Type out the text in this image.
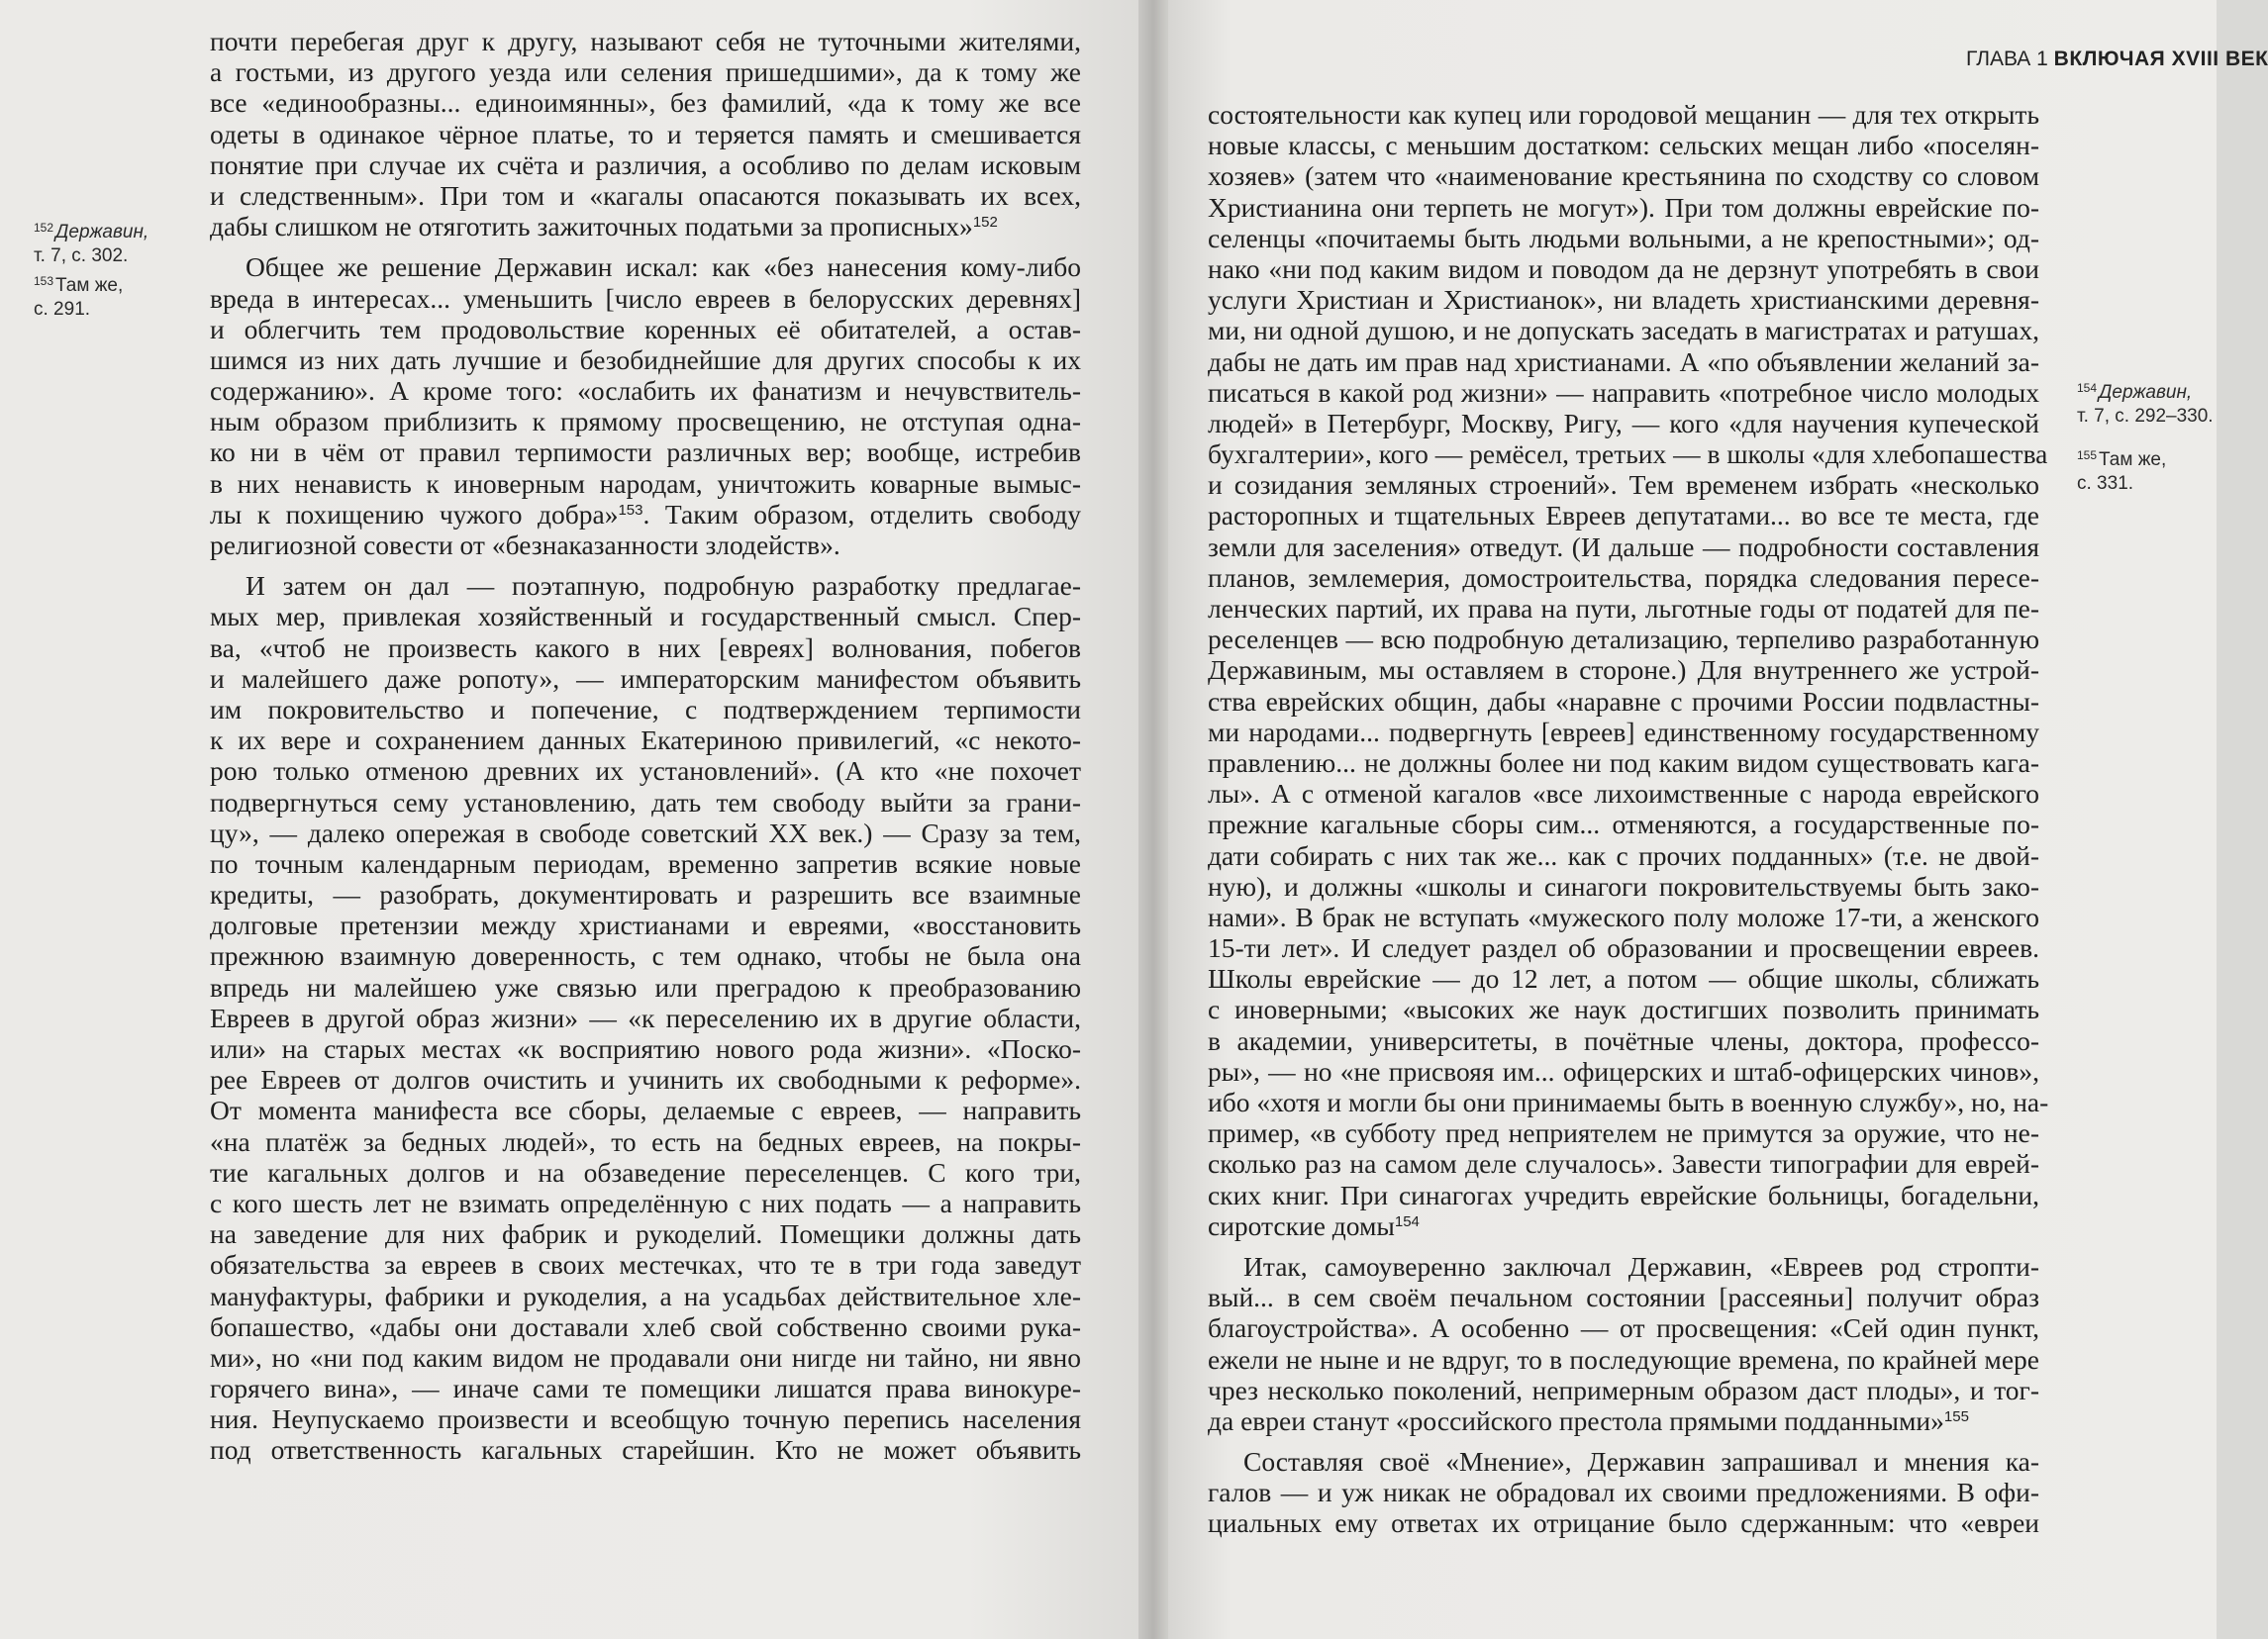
$^{152}$ Державин,
т. 7, с. 302.
$^{153}$ Там же,
с. 291.
почти перебегая друг к другу, называют себя не туточными жителями,
а гостьми, из другого уезда или селения пришедшими», да к тому же
все «единообразны... единоимянны», без фамилий, «да к тому же все
одеты в одинакое чёрное платье, то и теряется память и смешивается
понятие при случае их счёта и различия, а особливо по делам исковым
и следственным». При том и «кагалы опасаются показывать их всех,
дабы слишком не отяготить зажиточных податьми за прописных»$^{152}$
Общее же решение Державин искал: как «без нанесения кому-либо
вреда в интересах... уменьшить [число евреев в белорусских деревнях]
и облегчить тем продовольствие коренных её обитателей, а остав-
шимся из них дать лучшие и безобиднейшие для других способы к их
содержанию». А кроме того: «ослабить их фанатизм и нечувствитель-
ным образом приблизить к прямому просвещению, не отступая одна-
ко ни в чём от правил терпимости различных вер; вообще, истребив
в них ненависть к иноверным народам, уничтожить коварные вымыс-
лы к похищению чужого добра»$^{153}$. Таким образом, отделить свободу
религиозной совести от «безнаказанности злодейств».
И затем он дал — поэтапную, подробную разработку предлагае-
мых мер, привлекая хозяйственный и государственный смысл. Спер-
ва, «чтоб не произвесть какого в них [евреях] волнования, побегов
и малейшего даже ропоту», — императорским манифестом объявить
им покровительство и попечение, с подтверждением терпимости
к их вере и сохранением данных Екатериною привилегий, «с некото-
рою только отменою древних их установлений». (А кто «не похочет
подвергнуться сему установлению, дать тем свободу выйти за грани-
цу», — далеко опережая в свободе советский XX век.) — Сразу за тем,
по точным календарным периодам, временно запретив всякие новые
кредиты, — разобрать, документировать и разрешить все взаимные
долговые претензии между христианами и евреями, «восстановить
прежнюю взаимную доверенность, с тем однако, чтобы не была она
впредь ни малейшею уже связью или преградою к преобразованию
Евреев в другой образ жизни» — «к переселению их в другие области,
или» на старых местах «к восприятию нового рода жизни». «Поско-
рее Евреев от долгов очистить и учинить их свободными к реформе».
От момента манифеста все сборы, делаемые с евреев, — направить
«на платёж за бедных людей», то есть на бедных евреев, на покры-
тие кагальных долгов и на обзаведение переселенцев. С кого три,
с кого шесть лет не взимать определённую с них подать — а направить
на заведение для них фабрик и рукоделий. Помещики должны дать
обязательства за евреев в своих местечках, что те в три года заведут
мануфактуры, фабрики и рукоделия, а на усадьбах действительное хле-
бопашество, «дабы они доставали хлеб свой собственно своими рука-
ми», но «ни под каким видом не продавали они нигде ни тайно, ни явно
горячего вина», — иначе сами те помещики лишатся права винокуре-
ния. Неупускаемо произвести и всеобщую точную перепись населения
под ответственность кагальных старейшин. Кто не может объявить
ГЛАВА 1 ВКЛЮЧАЯ XVIII ВЕК
$^{154}$ Державин,
т. 7, с. 292–330.
$^{155}$ Там же,
с. 331.
состоятельности как купец или городовой мещанин — для тех открыть
новые классы, с меньшим достатком: сельских мещан либо «поселян-
хозяев» (затем что «наименование крестьянина по сходству со словом
Христианина они терпеть не могут»). При том должны еврейские по-
селенцы «почитаемы быть людьми вольными, а не крепостными»; од-
нако «ни под каким видом и поводом да не дерзнут употребять в свои
услуги Христиан и Христианок», ни владеть христианскими деревня-
ми, ни одной душою, и не допускать заседать в магистратах и ратушах,
дабы не дать им прав над христианами. А «по объявлении желаний за-
писаться в какой род жизни» — направить «потребное число молодых
людей» в Петербург, Москву, Ригу, — кого «для научения купеческой
бухгалтерии», кого — ремёсел, третьих — в школы «для хлебопашества
и созидания земляных строений». Тем временем избрать «несколько
расторопных и тщательных Евреев депутатами... во все те места, где
земли для заселения» отведут. (И дальше — подробности составления
планов, землемерия, домостроительства, порядка следования пересе-
ленческих партий, их права на пути, льготные годы от податей для пе-
реселенцев — всю подробную детализацию, терпеливо разработанную
Державиным, мы оставляем в стороне.) Для внутреннего же устрой-
ства еврейских общин, дабы «наравне с прочими России подвластны-
ми народами... подвергнуть [евреев] единственному государственному
правлению... не должны более ни под каким видом существовать кага-
лы». А с отменой кагалов «все лихоимственные с народа еврейского
прежние кагальные сборы сим... отменяются, а государственные по-
дати собирать с них так же... как с прочих подданных» (т.е. не двой-
ную), и должны «школы и синагоги покровительствуемы быть зако-
нами». В брак не вступать «мужеского полу моложе 17-ти, а женского
15-ти лет». И следует раздел об образовании и просвещении евреев.
Школы еврейские — до 12 лет, а потом — общие школы, сближать
с иноверными; «высоких же наук достигших позволить принимать
в академии, университеты, в почётные члены, доктора, профессо-
ры», — но «не присвояя им... офицерских и штаб-офицерских чинов»,
ибо «хотя и могли бы они принимаемы быть в военную службу», но, на-
пример, «в субботу пред неприятелем не примутся за оружие, что не-
сколько раз на самом деле случалось». Завести типографии для еврей-
ских книг. При синагогах учредить еврейские больницы, богадельни,
сиротские домы$^{154}$
Итак, самоуверенно заключал Державин, «Евреев род стропти-
вый... в сем своём печальном состоянии [рассеяньи] получит образ
благоустройства». А особенно — от просвещения: «Сей один пункт,
ежели не ныне и не вдруг, то в последующие времена, по крайней мере
чрез несколько поколений, непримерным образом даст плоды», и тог-
да евреи станут «российского престола прямыми подданными»$^{155}$
Составляя своё «Мнение», Державин запрашивал и мнения ка-
галов — и уж никак не обрадовал их своими предложениями. В офи-
циальных ему ответах их отрицание было сдержанным: что «евреи
